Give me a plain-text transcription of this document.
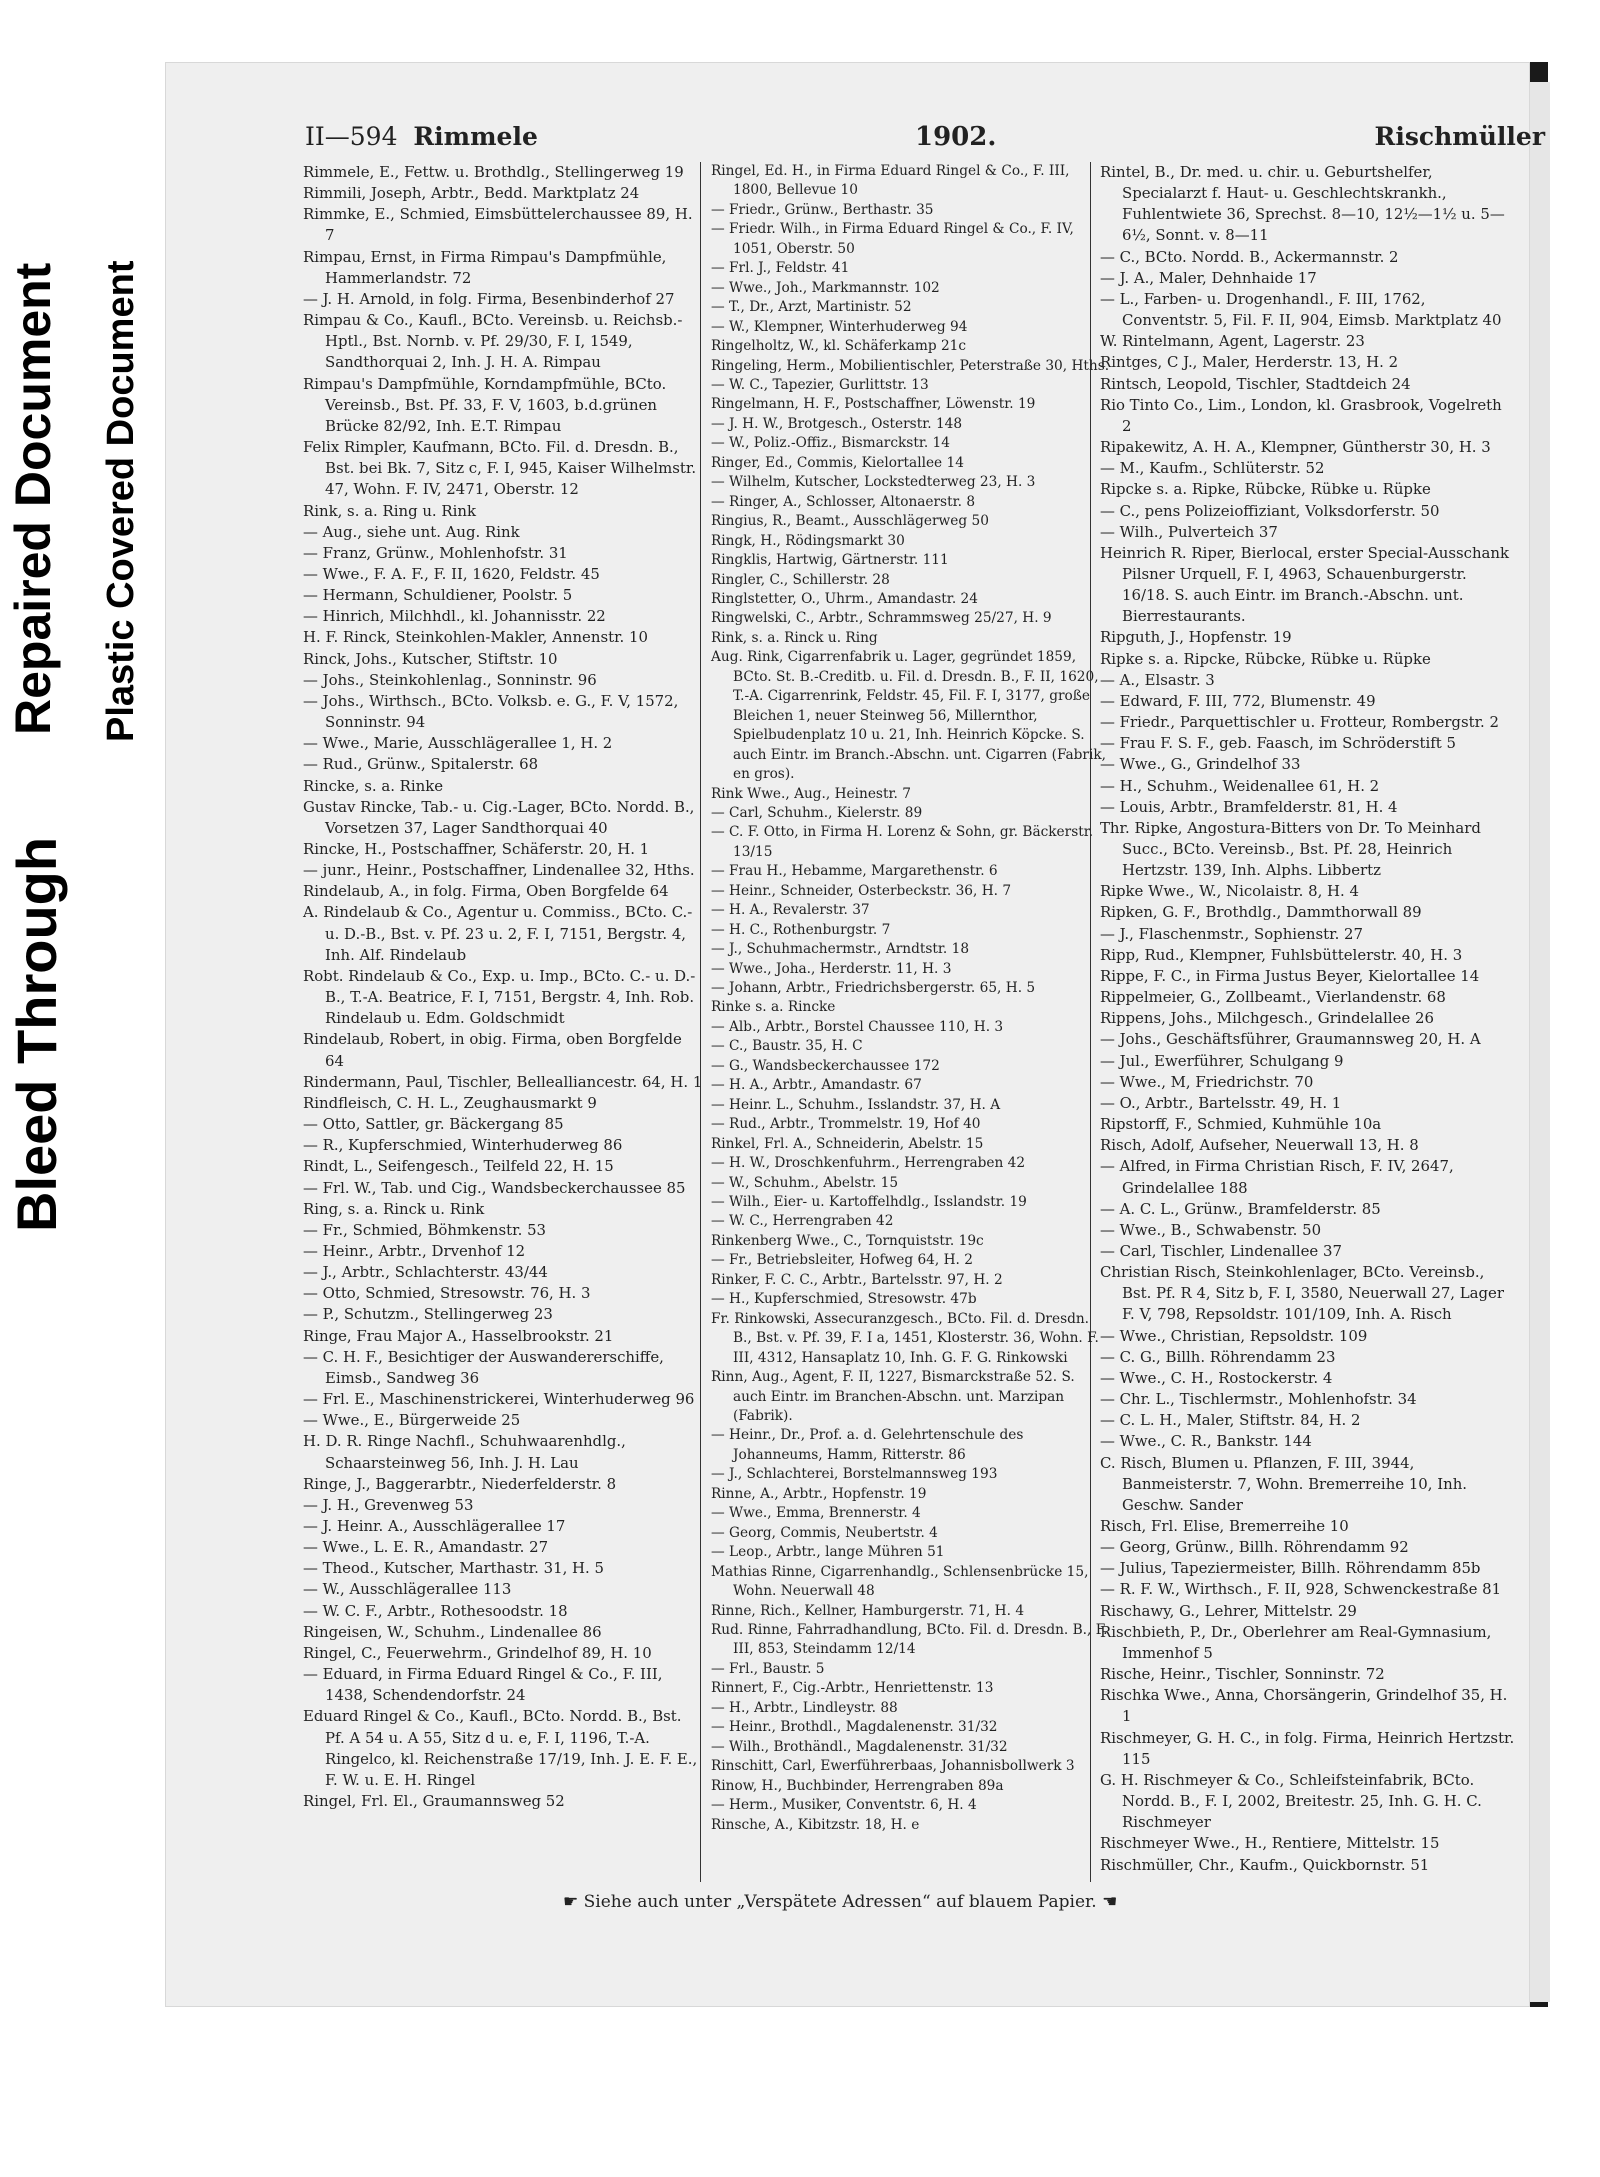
Bleed Through
Repaired Document Plastic Covered Document
II—594 Rimmele	1902.	Rischmüller
Rimmele, E., Fettw. u. Brothdlg., Stellingerweg 19
Rimmili, Joseph, Arbtr., Bedd. Marktplatz 24
Rimmke, E., Schmied, Eimsbüttelerchaussee 89, H. 7
Rimpau, Ernst, in Firma Rimpau's Dampfmühle, Hammerlandstr. 72
— J. H. Arnold, in folg. Firma, Besenbinderhof 27
Rimpau & Co., Kaufl., BCto. Vereinsb. u. Reichsb.-Hptl., Bst. Nornb. v. Pf. 29/30, F. I, 1549, Sandthorquai 2, Inh. J. H. A. Rimpau
Rimpau's Dampfmühle, Korndampfmühle, BCto. Vereinsb., Bst. Pf. 33, F. V, 1603, b.d.grünen Brücke 82/92, Inh. E.T. Rimpau
Felix Rimpler, Kaufmann, BCto. Fil. d. Dresdn. B., Bst. bei Bk. 7, Sitz c, F. I, 945, Kaiser Wilhelmstr. 47, Wohn. F. IV, 2471, Oberstr. 12
Rink, s. a. Ring u. Rink
— Aug., siehe unt. Aug. Rink
— Franz, Grünw., Mohlenhofstr. 31
— Wwe., F. A. F., F. II, 1620, Feldstr. 45
— Hermann, Schuldiener, Poolstr. 5
— Hinrich, Milchhdl., kl. Johannisstr. 22
H. F. Rinck, Steinkohlen-Makler, Annenstr. 10
Rinck, Johs., Kutscher, Stiftstr. 10
— Johs., Steinkohlenlag., Sonninstr. 96
— Johs., Wirthsch., BCto. Volksb. e. G., F. V, 1572, Sonninstr. 94
— Wwe., Marie, Ausschlägerallee 1, H. 2
— Rud., Grünw., Spitalerstr. 68
Rincke, s. a. Rinke
Gustav Rincke, Tab.- u. Cig.-Lager, BCto. Nordd. B., Vorsetzen 37, Lager Sandthorquai 40
Rincke, H., Postschaffner, Schäferstr. 20, H. 1
— junr., Heinr., Postschaffner, Lindenallee 32, Hths.
Rindelaub, A., in folg. Firma, Oben Borgfelde 64
A. Rindelaub & Co., Agentur u. Commiss., BCto. C.- u. D.-B., Bst. v. Pf. 23 u. 2, F. I, 7151, Bergstr. 4, Inh. Alf. Rindelaub
Robt. Rindelaub & Co., Exp. u. Imp., BCto. C.- u. D.-B., T.-A. Beatrice, F. I, 7151, Bergstr. 4, Inh. Rob. Rindelaub u. Edm. Goldschmidt
Rindelaub, Robert, in obig. Firma, oben Borgfelde 64
Rindermann, Paul, Tischler, Bellealliancestr. 64, H. 1
Rindfleisch, C. H. L., Zeughausmarkt 9
— Otto, Sattler, gr. Bäckergang 85
— R., Kupferschmied, Winterhuderweg 86
Rindt, L., Seifengesch., Teilfeld 22, H. 15
— Frl. W., Tab. und Cig., Wandsbeckerchaussee 85
Ring, s. a. Rinck u. Rink
— Fr., Schmied, Böhmkenstr. 53
— Heinr., Arbtr., Drvenhof 12
— J., Arbtr., Schlachterstr. 43/44
— Otto, Schmied, Stresowstr. 76, H. 3
— P., Schutzm., Stellingerweg 23
Ringe, Frau Major A., Hasselbrookstr. 21
— C. H. F., Besichtiger der Auswandererschiffe, Eimsb., Sandweg 36
— Frl. E., Maschinenstrickerei, Winterhuderweg 96
— Wwe., E., Bürgerweide 25
H. D. R. Ringe Nachfl., Schuhwaarenhdlg., Schaarsteinweg 56, Inh. J. H. Lau
Ringe, J., Baggerarbtr., Niederfelderstr. 8
— J. H., Grevenweg 53
— J. Heinr. A., Ausschlägerallee 17
— Wwe., L. E. R., Amandastr. 27
— Theod., Kutscher, Marthastr. 31, H. 5
— W., Ausschlägerallee 113
— W. C. F., Arbtr., Rothesoodstr. 18
Ringeisen, W., Schuhm., Lindenallee 86
Ringel, C., Feuerwehrm., Grindelhof 89, H. 10
— Eduard, in Firma Eduard Ringel & Co., F. III, 1438, Schendendorfstr. 24
Eduard Ringel & Co., Kaufl., BCto. Nordd. B., Bst. Pf. A 54 u. A 55, Sitz d u. e, F. I, 1196, T.-A. Ringelco, kl. Reichenstraße 17/19, Inh. J. E. F. E., F. W. u. E. H. Ringel
Ringel, Frl. El., Graumannsweg 52
Ringel, Ed. H., in Firma Eduard Ringel & Co., F. III, 1800, Bellevue 10
— Friedr., Grünw., Berthastr. 35
— Friedr. Wilh., in Firma Eduard Ringel & Co., F. IV, 1051, Oberstr. 50
— Frl. J., Feldstr. 41
— Wwe., Joh., Markmannstr. 102
— T., Dr., Arzt, Martinistr. 52
— W., Klempner, Winterhuderweg 94
Ringelholtz, W., kl. Schäferkamp 21c
Ringeling, Herm., Mobilientischler, Peterstraße 30, Hths.
— W. C., Tapezier, Gurlittstr. 13
Ringelmann, H. F., Postschaffner, Löwenstr. 19
— J. H. W., Brotgesch., Osterstr. 148
— W., Poliz.-Offiz., Bismarckstr. 14
Ringer, Ed., Commis, Kielortallee 14
— Wilhelm, Kutscher, Lockstedterweg 23, H. 3
— Ringer, A., Schlosser, Altonaerstr. 8
Ringius, R., Beamt., Ausschlägerweg 50
Ringk, H., Rödingsmarkt 30
Ringklis, Hartwig, Gärtnerstr. 111
Ringler, C., Schillerstr. 28
Ringlstetter, O., Uhrm., Amandastr. 24
Ringwelski, C., Arbtr., Schrammsweg 25/27, H. 9
Rink, s. a. Rinck u. Ring
Aug. Rink, Cigarrenfabrik u. Lager, gegründet 1859, BCto. St. B.-Creditb. u. Fil. d. Dresdn. B., F. II, 1620, T.-A. Cigarrenrink, Feldstr. 45, Fil. F. I, 3177, große Bleichen 1, neuer Steinweg 56, Millernthor, Spielbudenplatz 10 u. 21, Inh. Heinrich Köpcke. S. auch Eintr. im Branch.-Abschn. unt. Cigarren (Fabrik, en gros).
Rink Wwe., Aug., Heinestr. 7
— Carl, Schuhm., Kielerstr. 89
— C. F. Otto, in Firma H. Lorenz & Sohn, gr. Bäckerstr. 13/15
— Frau H., Hebamme, Margarethenstr. 6
— Heinr., Schneider, Osterbeckstr. 36, H. 7
— H. A., Revalerstr. 37
— H. C., Rothenburgstr. 7
— J., Schuhmachermstr., Arndtstr. 18
— Wwe., Joha., Herderstr. 11, H. 3
— Johann, Arbtr., Friedrichsbergerstr. 65, H. 5
Rinke s. a. Rincke
— Alb., Arbtr., Borstel Chaussee 110, H. 3
— C., Baustr. 35, H. C
— G., Wandsbeckerchaussee 172
— H. A., Arbtr., Amandastr. 67
— Heinr. L., Schuhm., Isslandstr. 37, H. A
— Rud., Arbtr., Trommelstr. 19, Hof 40
Rinkel, Frl. A., Schneiderin, Abelstr. 15
— H. W., Droschkenfuhrm., Herrengraben 42
— W., Schuhm., Abelstr. 15
— Wilh., Eier- u. Kartoffelhdlg., Isslandstr. 19
— W. C., Herrengraben 42
Rinkenberg Wwe., C., Tornquiststr. 19c
— Fr., Betriebsleiter, Hofweg 64, H. 2
Rinker, F. C. C., Arbtr., Bartelsstr. 97, H. 2
— H., Kupferschmied, Stresowstr. 47b
Fr. Rinkowski, Assecuranzgesch., BCto. Fil. d. Dresdn. B., Bst. v. Pf. 39, F. I a, 1451, Klosterstr. 36, Wohn. F. III, 4312, Hansaplatz 10, Inh. G. F. G. Rinkowski
Rinn, Aug., Agent, F. II, 1227, Bismarckstraße 52. S. auch Eintr. im Branchen-Abschn. unt. Marzipan (Fabrik).
— Heinr., Dr., Prof. a. d. Gelehrtenschule des Johanneums, Hamm, Ritterstr. 86
— J., Schlachterei, Borstelmannsweg 193
Rinne, A., Arbtr., Hopfenstr. 19
— Wwe., Emma, Brennerstr. 4
— Georg, Commis, Neubertstr. 4
— Leop., Arbtr., lange Mühren 51
Mathias Rinne, Cigarrenhandlg., Schlensenbrücke 15, Wohn. Neuerwall 48
Rinne, Rich., Kellner, Hamburgerstr. 71, H. 4
Rud. Rinne, Fahrradhandlung, BCto. Fil. d. Dresdn. B., F. III, 853, Steindamm 12/14
— Frl., Baustr. 5
Rinnert, F., Cig.-Arbtr., Henriettenstr. 13
— H., Arbtr., Lindleystr. 88
— Heinr., Brothdl., Magdalenenstr. 31/32
— Wilh., Brothändl., Magdalenenstr. 31/32
Rinschitt, Carl, Ewerführerbaas, Johannisbollwerk 3
Rinow, H., Buchbinder, Herrengraben 89a
— Herm., Musiker, Conventstr. 6, H. 4
Rinsche, A., Kibitzstr. 18, H. e
Rintel, B., Dr. med. u. chir. u. Geburtshelfer, Specialarzt f. Haut- u. Geschlechtskrankh., Fuhlentwiete 36, Sprechst. 8—10, 12½—1½ u. 5—6½, Sonnt. v. 8—11
— C., BCto. Nordd. B., Ackermannstr. 2
— J. A., Maler, Dehnhaide 17
— L., Farben- u. Drogenhandl., F. III, 1762, Conventstr. 5, Fil. F. II, 904, Eimsb. Marktplatz 40
W. Rintelmann, Agent, Lagerstr. 23
Rintges, C J., Maler, Herderstr. 13, H. 2
Rintsch, Leopold, Tischler, Stadtdeich 24
Rio Tinto Co., Lim., London, kl. Grasbrook, Vogelreth 2
Ripakewitz, A. H. A., Klempner, Güntherstr 30, H. 3
— M., Kaufm., Schlüterstr. 52
Ripcke s. a. Ripke, Rübcke, Rübke u. Rüpke
— C., pens Polizeioffiziant, Volksdorferstr. 50
— Wilh., Pulverteich 37
Heinrich R. Riper, Bierlocal, erster Special-Ausschank Pilsner Urquell, F. I, 4963, Schauenburgerstr. 16/18. S. auch Eintr. im Branch.-Abschn. unt. Bierrestaurants.
Ripguth, J., Hopfenstr. 19
Ripke s. a. Ripcke, Rübcke, Rübke u. Rüpke
— A., Elsastr. 3
— Edward, F. III, 772, Blumenstr. 49
— Friedr., Parquettischler u. Frotteur, Rombergstr. 2
— Frau F. S. F., geb. Faasch, im Schröderstift 5
— Wwe., G., Grindelhof 33
— H., Schuhm., Weidenallee 61, H. 2
— Louis, Arbtr., Bramfelderstr. 81, H. 4
Thr. Ripke, Angostura-Bitters von Dr. To Meinhard Succ., BCto. Vereinsb., Bst. Pf. 28, Heinrich Hertzstr. 139, Inh. Alphs. Libbertz
Ripke Wwe., W., Nicolaistr. 8, H. 4
Ripken, G. F., Brothdlg., Dammthorwall 89
— J., Flaschenmstr., Sophienstr. 27
Ripp, Rud., Klempner, Fuhlsbüttelerstr. 40, H. 3
Rippe, F. C., in Firma Justus Beyer, Kielortallee 14
Rippelmeier, G., Zollbeamt., Vierlandenstr. 68
Rippens, Johs., Milchgesch., Grindelallee 26
— Johs., Geschäftsführer, Graumannsweg 20, H. A
— Jul., Ewerführer, Schulgang 9
— Wwe., M, Friedrichstr. 70
— O., Arbtr., Bartelsstr. 49, H. 1
Ripstorff, F., Schmied, Kuhmühle 10a
Risch, Adolf, Aufseher, Neuerwall 13, H. 8
— Alfred, in Firma Christian Risch, F. IV, 2647, Grindelallee 188
— A. C. L., Grünw., Bramfelderstr. 85
— Wwe., B., Schwabenstr. 50
— Carl, Tischler, Lindenallee 37
Christian Risch, Steinkohlenlager, BCto. Vereinsb., Bst. Pf. R 4, Sitz b, F. I, 3580, Neuerwall 27, Lager F. V, 798, Repsoldstr. 101/109, Inh. A. Risch
— Wwe., Christian, Repsoldstr. 109
— C. G., Billh. Röhrendamm 23
— Wwe., C. H., Rostockerstr. 4
— Chr. L., Tischlermstr., Mohlenhofstr. 34
— C. L. H., Maler, Stiftstr. 84, H. 2
— Wwe., C. R., Bankstr. 144
C. Risch, Blumen u. Pflanzen, F. III, 3944, Banmeisterstr. 7, Wohn. Bremerreihe 10, Inh. Geschw. Sander
Risch, Frl. Elise, Bremerreihe 10
— Georg, Grünw., Billh. Röhrendamm 92
— Julius, Tapeziermeister, Billh. Röhrendamm 85b
— R. F. W., Wirthsch., F. II, 928, Schwenckestraße 81
Rischawy, G., Lehrer, Mittelstr. 29
Rischbieth, P., Dr., Oberlehrer am Real-Gymnasium, Immenhof 5
Rische, Heinr., Tischler, Sonninstr. 72
Rischka Wwe., Anna, Chorsängerin, Grindelhof 35, H. 1
Rischmeyer, G. H. C., in folg. Firma, Heinrich Hertzstr. 115
G. H. Rischmeyer & Co., Schleifsteinfabrik, BCto. Nordd. B., F. I, 2002, Breitestr. 25, Inh. G. H. C. Rischmeyer
Rischmeyer Wwe., H., Rentiere, Mittelstr. 15
Rischmüller, Chr., Kaufm., Quickbornstr. 51
☛ Siehe auch unter „Verspätete Adressen“ auf blauem Papier. ☚
